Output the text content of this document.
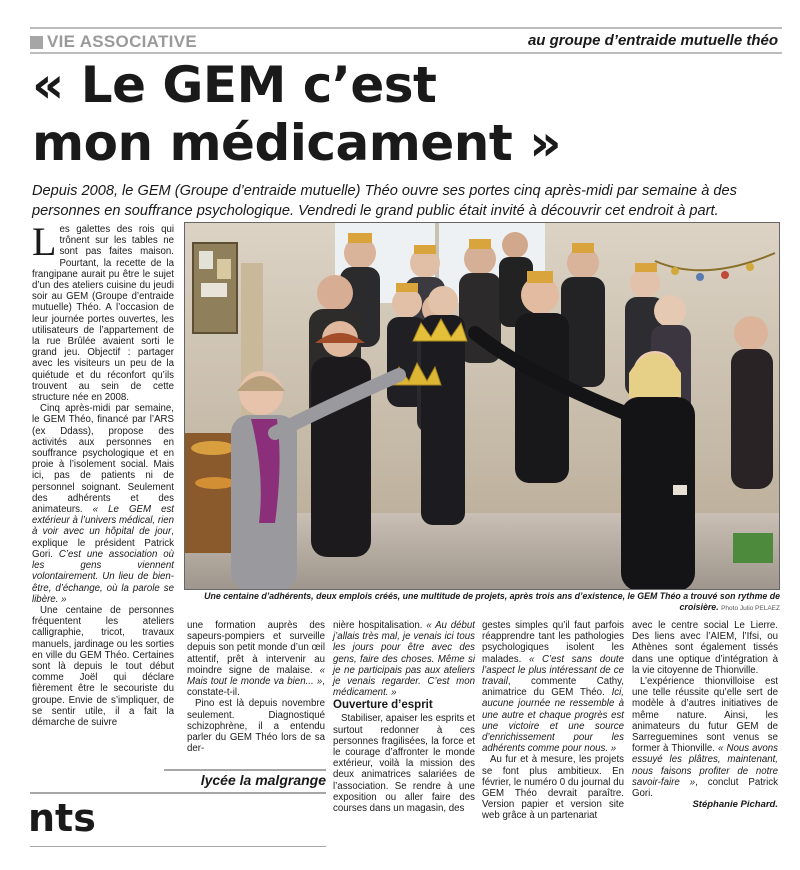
VIE ASSOCIATIVE	au groupe d’entraide mutuelle théo
« Le GEM c’est
mon médicament »

Depuis 2008, le GEM (Groupe d’entraide mutuelle) Théo ouvre ses portes cinq après-midi par semaine à des personnes en souffrance psychologique. Vendredi le grand public était invité à découvrir cet endroit à part.

Les galettes des rois qui trônent sur les tables ne sont pas faites maison. Pourtant, la recette de la frangipane aurait pu être le sujet d’un des ateliers cuisine du jeudi soir au GEM (Groupe d’entraide mutuelle) Théo. A l’occasion de leur journée portes ouvertes, les utilisateurs de l’appartement de la rue Brûlée avaient sorti le grand jeu. Objectif : partager avec les visiteurs un peu de la quiétude et du réconfort qu’ils trouvent au sein de cette structure née en 2008.

Cinq après-midi par semaine, le GEM Théo, financé par l’ARS (ex Ddass), propose des activités aux personnes en souffrance psychologique et en proie à l’isolement social. Mais ici, pas de patients ni de personnel soignant. Seulement des adhérents et des animateurs. « Le GEM est extérieur à l’univers médical, rien à voir avec un hôpital de jour, explique le président Patrick Gori. C’est une association où les gens viennent volontairement. Un lieu de bien-être, d’échange, où la parole se libère. »

Une centaine de personnes fréquentent les ateliers calligraphie, tricot, travaux manuels, jardinage ou les sorties en ville du GEM Théo. Certaines sont là depuis le tout début comme Joël qui déclare fièrement être le secouriste du groupe. Envie de s’impliquer, de se sentir utile, il a fait la démarche de suivre

Une centaine d’adhérents, deux emplois créés, une multitude de projets, après trois ans d’existence, le GEM Théo a trouvé son rythme de croisière. Photo Julio PELAEZ

une formation auprès des sapeurs-pompiers et surveille depuis son petit monde d’un œil attentif, prêt à intervenir au moindre signe de malaise. « Mais tout le monde va bien... », constate-t-il.

Pino est là depuis novembre seulement. Diagnostiqué schizophrène, il a entendu parler du GEM Théo lors de sa der-

nière hospitalisation. « Au début j’allais très mal, je venais ici tous les jours pour être avec des gens, faire des choses. Même si je ne participais pas aux ateliers je venais regarder. C’est mon médicament. »

Ouverture d’esprit

Stabiliser, apaiser les esprits et surtout redonner à ces personnes fragilisées, la force et le courage d’affronter le monde extérieur, voilà la mission des deux animatrices salariées de l’association. Se rendre à une exposition ou aller faire des courses dans un magasin, des

gestes simples qu’il faut parfois réapprendre tant les pathologies psychologiques isolent les malades. « C’est sans doute l’aspect le plus intéressant de ce travail, commente Cathy, animatrice du GEM Théo. Ici, aucune journée ne ressemble à une autre et chaque progrès est une victoire et une source d’enrichissement pour les adhérents comme pour nous. »

Au fur et à mesure, les projets se font plus ambitieux. En février, le numéro 0 du journal du GEM Théo devrait paraître. Version papier et version site web grâce à un partenariat

avec le centre social Le Lierre. Des liens avec l’AIEM, l’Ifsi, ou Athènes sont également tissés dans une optique d’intégration à la vie citoyenne de Thionville.

L’expérience thionvilloise est une telle réussite qu’elle sert de modèle à d’autres initiatives de même nature. Ainsi, les animateurs du futur GEM de Sarreguemines sont venus se former à Thionville. « Nous avons essuyé les plâtres, maintenant, nous faisons profiter de notre savoir-faire », conclut Patrick Gori.

Stéphanie Pichard.

lycée la malgrange
nts
